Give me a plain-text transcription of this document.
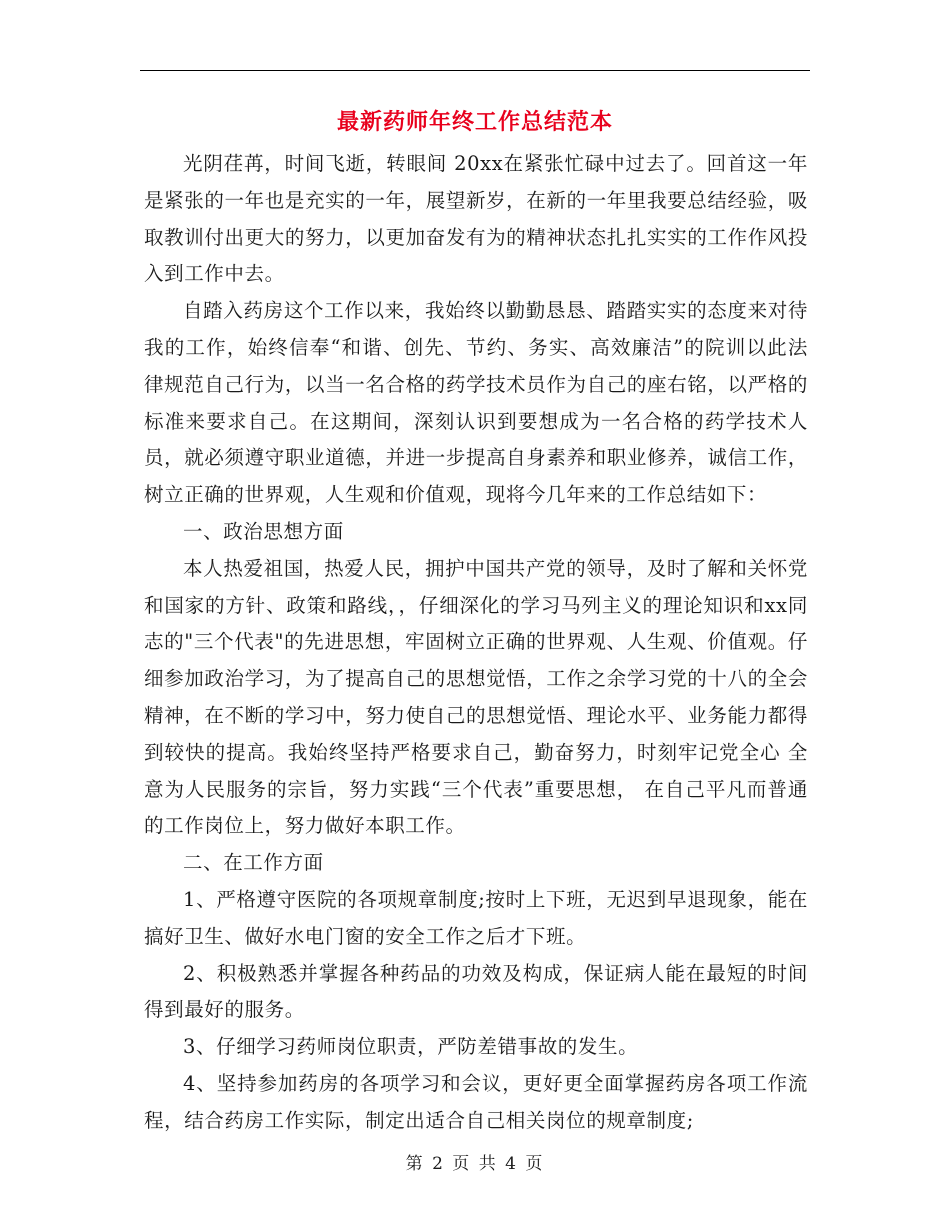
最新药师年终工作总结范本

光阴荏苒，时间飞逝，转眼间 20xx在紧张忙碌中过去了。回首这一年是紧张的一年也是充实的一年，展望新岁，在新的一年里我要总结经验，吸取教训付出更大的努力，以更加奋发有为的精神状态扎扎实实的工作作风投入到工作中去。

自踏入药房这个工作以来，我始终以勤勤恳恳、踏踏实实的态度来对待我的工作，始终信奉“和谐、创先、节约、务实、高效廉洁”的院训以此法律规范自己行为，以当一名合格的药学技术员作为自己的座右铭，以严格的标准来要求自己。在这期间，深刻认识到要想成为一名合格的药学技术人员，就必须遵守职业道德，并进一步提高自身素养和职业修养，诚信工作，树立正确的世界观，人生观和价值观，现将今几年来的工作总结如下：

一、政治思想方面

本人热爱祖国，热爱人民，拥护中国共产党的领导，及时了解和关怀党和国家的方针、政策和路线，，仔细深化的学习马列主义的理论知识和xx同志的"三个代表"的先进思想，牢固树立正确的世界观、人生观、价值观。仔细参加政治学习，为了提高自己的思想觉悟，工作之余学习党的十八的全会精神，在不断的学习中，努力使自己的思想觉悟、理论水平、业务能力都得到较快的提高。我始终坚持严格要求自己，勤奋努力，时刻牢记党全心 全意为人民服务的宗旨，努力实践“三个代表”重要思想， 在自己平凡而普通的工作岗位上，努力做好本职工作。

二、在工作方面

1、严格遵守医院的各项规章制度;按时上下班，无迟到早退现象，能在搞好卫生、做好水电门窗的安全工作之后才下班。

2、积极熟悉并掌握各种药品的功效及构成，保证病人能在最短的时间得到最好的服务。

3、仔细学习药师岗位职责，严防差错事故的发生。

4、坚持参加药房的各项学习和会议，更好更全面掌握药房各项工作流程，结合药房工作实际，制定出适合自己相关岗位的规章制度;

第 2 页 共 4 页
